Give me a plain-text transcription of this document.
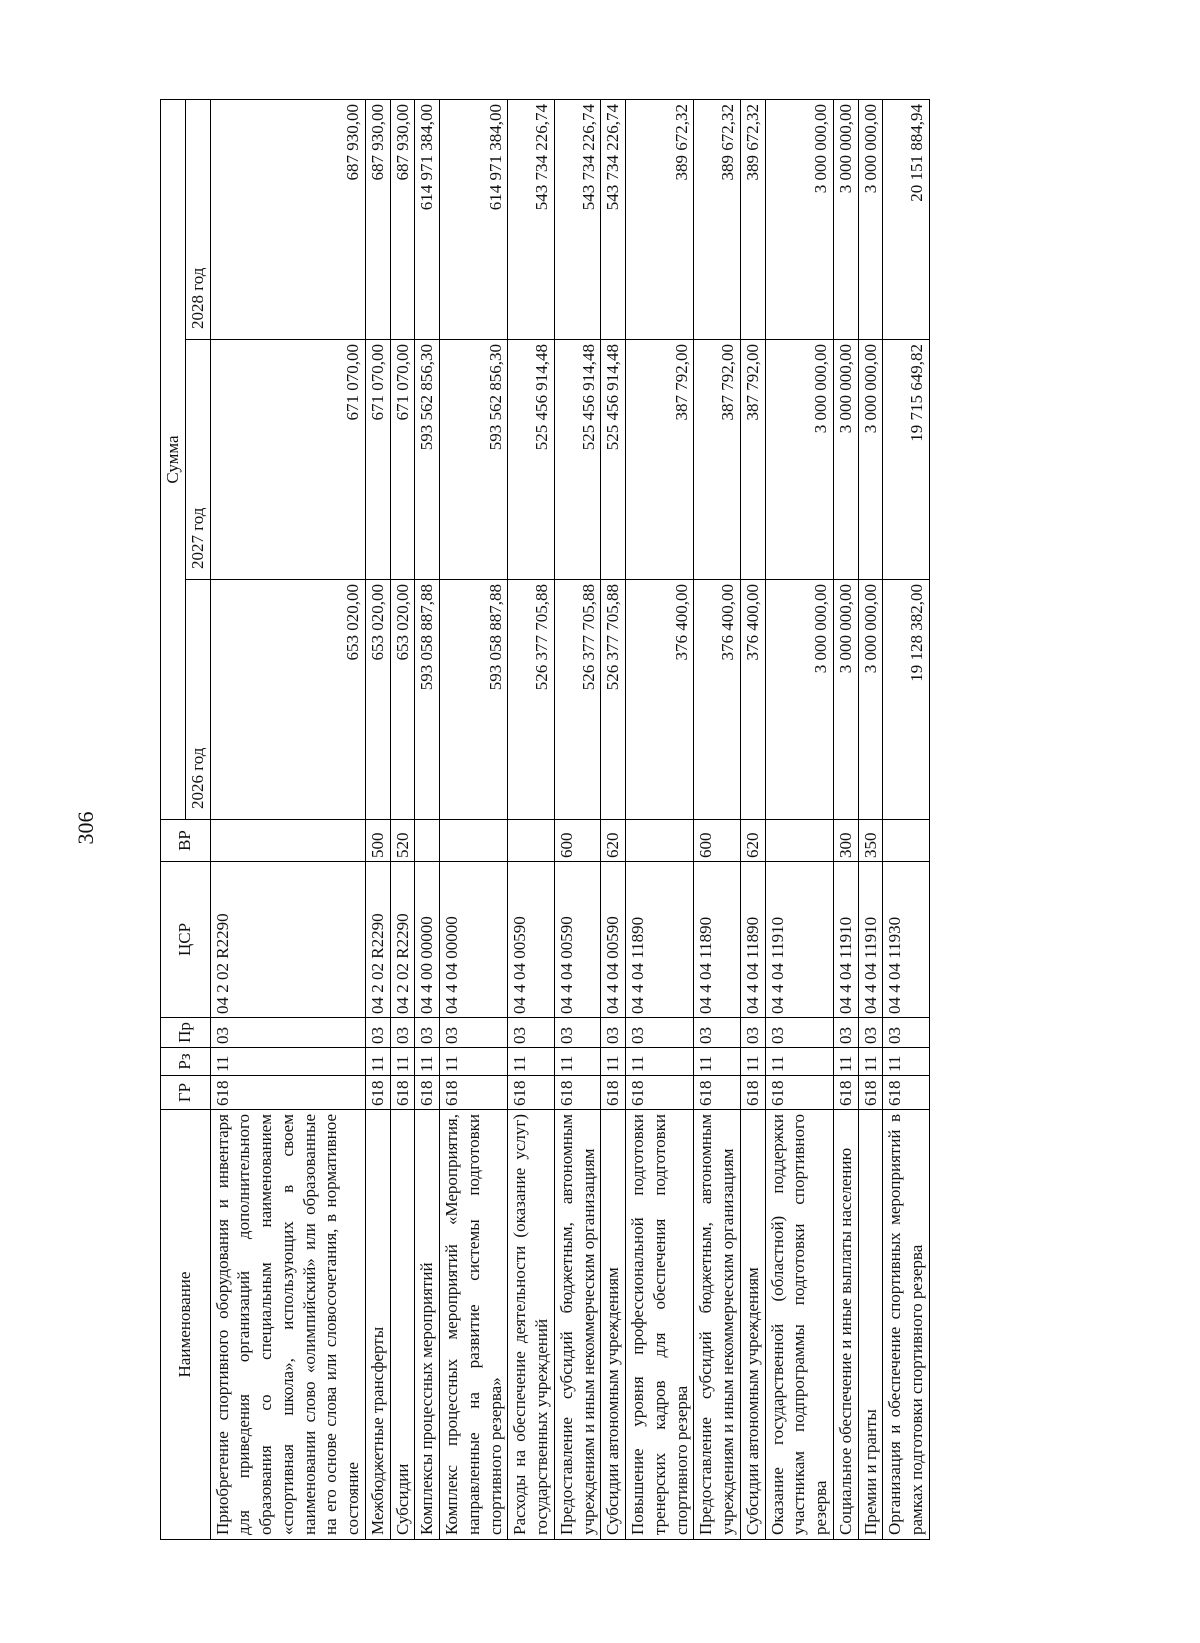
306
Наименование	ГР	Рз	Пр	ЦСР	ВР	Сумма		
						2026 год	2027 год	2028 год
Приобретение спортивного оборудования и инвентаря для приведения организаций дополнительного образования со специальным наименованием «спортивная школа», использующих в своем наименовании слово «олимпийский» или образованные на его основе слова или словосочетания, в нормативное состояние	618	11	03	04 2 02 R2290		653 020,00	671 070,00	687 930,00
Межбюджетные трансферты	618	11	03	04 2 02 R2290	500	653 020,00	671 070,00	687 930,00
Субсидии	618	11	03	04 2 02 R2290	520	653 020,00	671 070,00	687 930,00
Комплексы процессных мероприятий	618	11	03	04 4 00 00000		593 058 887,88	593 562 856,30	614 971 384,00
Комплекс процессных мероприятий «Мероприятия, направленные на развитие системы подготовки спортивного резерва»	618	11	03	04 4 04 00000		593 058 887,88	593 562 856,30	614 971 384,00
Расходы на обеспечение деятельности (оказание услуг) государственных учреждений	618	11	03	04 4 04 00590		526 377 705,88	525 456 914,48	543 734 226,74
Предоставление субсидий бюджетным, автономным учреждениям и иным некоммерческим организациям	618	11	03	04 4 04 00590	600	526 377 705,88	525 456 914,48	543 734 226,74
Субсидии автономным учреждениям	618	11	03	04 4 04 00590	620	526 377 705,88	525 456 914,48	543 734 226,74
Повышение уровня профессиональной подготовки тренерских кадров для обеспечения подготовки спортивного резерва	618	11	03	04 4 04 11890		376 400,00	387 792,00	389 672,32
Предоставление субсидий бюджетным, автономным учреждениям и иным некоммерческим организациям	618	11	03	04 4 04 11890	600	376 400,00	387 792,00	389 672,32
Субсидии автономным учреждениям	618	11	03	04 4 04 11890	620	376 400,00	387 792,00	389 672,32
Оказание государственной (областной) поддержки участникам подпрограммы подготовки спортивного резерва	618	11	03	04 4 04 11910		3 000 000,00	3 000 000,00	3 000 000,00
Социальное обеспечение и иные выплаты населению	618	11	03	04 4 04 11910	300	3 000 000,00	3 000 000,00	3 000 000,00
Премии и гранты	618	11	03	04 4 04 11910	350	3 000 000,00	3 000 000,00	3 000 000,00
Организация и обеспечение спортивных мероприятий в рамках подготовки спортивного резерва	618	11	03	04 4 04 11930		19 128 382,00	19 715 649,82	20 151 884,94
